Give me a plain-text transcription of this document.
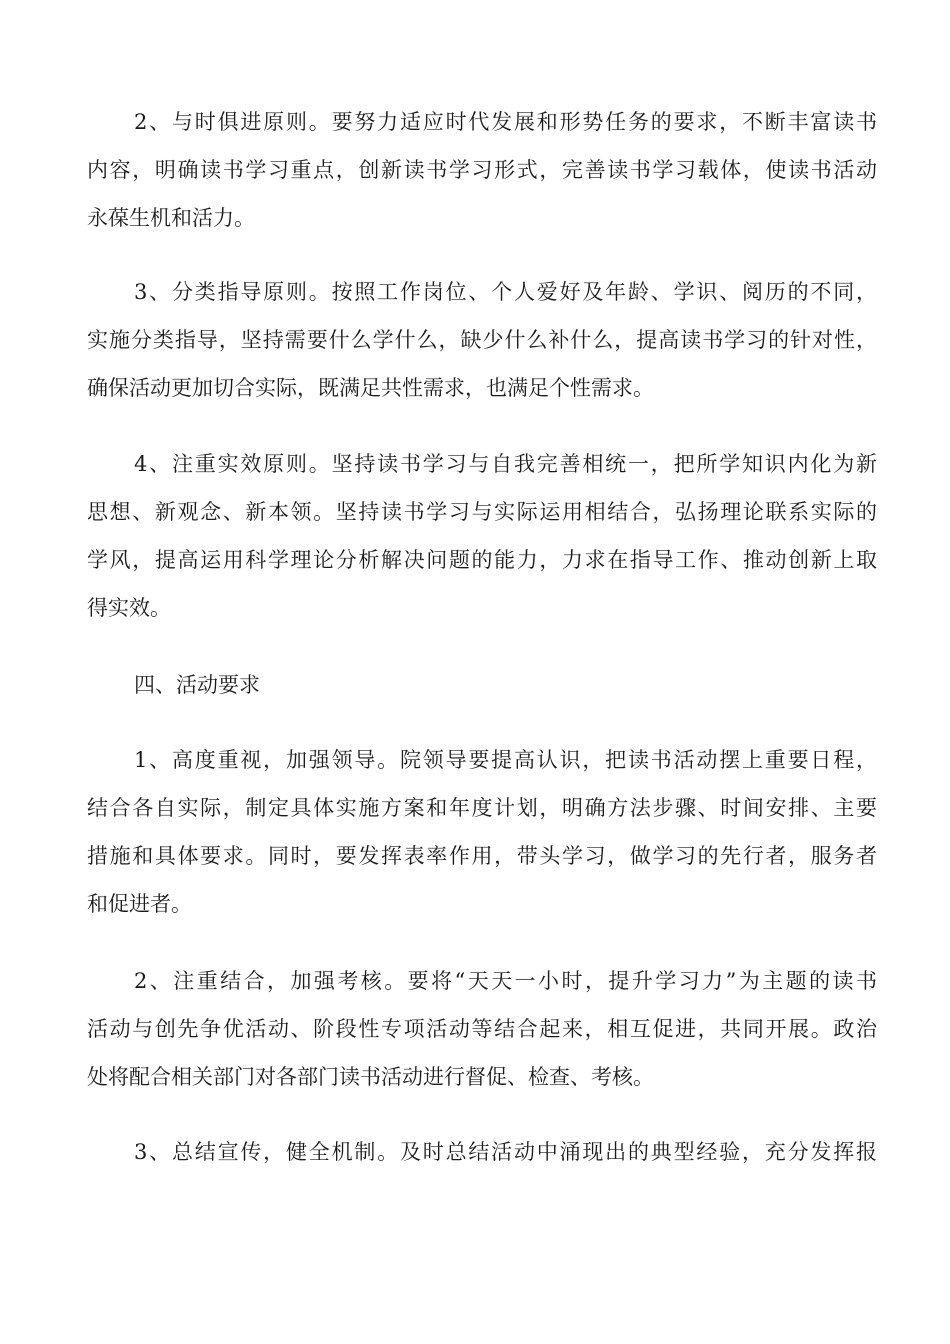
2、与时俱进原则。要努力适应时代发展和形势任务的要求，不断丰富读书
内容，明确读书学习重点，创新读书学习形式，完善读书学习载体，使读书活动
永葆生机和活力。
3、分类指导原则。按照工作岗位、个人爱好及年龄、学识、阅历的不同，
实施分类指导，坚持需要什么学什么，缺少什么补什么，提高读书学习的针对性，
确保活动更加切合实际，既满足共性需求，也满足个性需求。
4、注重实效原则。坚持读书学习与自我完善相统一，把所学知识内化为新
思想、新观念、新本领。坚持读书学习与实际运用相结合，弘扬理论联系实际的
学风，提高运用科学理论分析解决问题的能力，力求在指导工作、推动创新上取
得实效。
四、活动要求
1、高度重视，加强领导。院领导要提高认识，把读书活动摆上重要日程，
结合各自实际，制定具体实施方案和年度计划，明确方法步骤、时间安排、主要
措施和具体要求。同时，要发挥表率作用，带头学习，做学习的先行者，服务者
和促进者。
2、注重结合，加强考核。要将“天天一小时，提升学习力”为主题的读书
活动与创先争优活动、阶段性专项活动等结合起来，相互促进，共同开展。政治
处将配合相关部门对各部门读书活动进行督促、检查、考核。
3、总结宣传，健全机制。及时总结活动中涌现出的典型经验，充分发挥报
